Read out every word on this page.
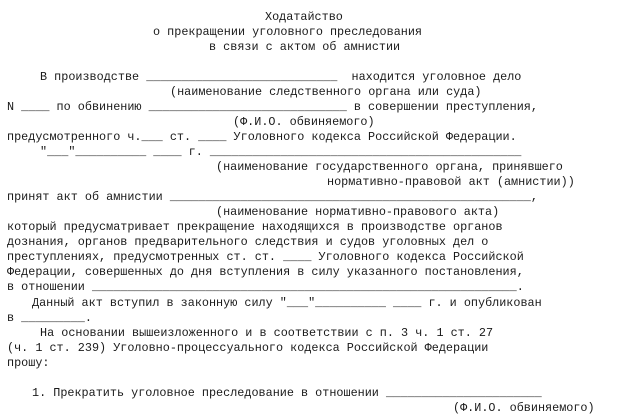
Ходатайство
о прекращении уголовного преследования
в связи с актом об амнистии
В производстве ___________________________  находится уголовное дело
(наименование следственного органа или суда)
N ____ по обвинению ____________________________ в совершении преступления,
(Ф.И.О. обвиняемого)
предусмотренного ч.___ ст. ____ Уголовного кодекса Российской Федерации.
"___"__________ ____ г. ____________________________________________
(наименование государственного органа, принявшего
нормативно-правовой акт (амнистии))
принят акт об амнистии ___________________________________________________,
(наименование нормативно-правового акта)
который предусматривает прекращение находящихся в производстве органов
дознания, органов предварительного следствия и судов уголовных дел о
преступлениях, предусмотренных ст. ст. ____ Уголовного кодекса Российской
Федерации, совершенных до дня вступления в силу указанного постановления,
в отношении ____________________________________________________________.
Данный акт вступил в законную силу "___"__________ ____ г. и опубликован
в _________.
На основании вышеизложенного и в соответствии с п. 3 ч. 1 ст. 27
(ч. 1 ст. 239) Уголовно-процессуального кодекса Российской Федерации
прошу:
1. Прекратить уголовное преследование в отношении ______________________
(Ф.И.О. обвиняемого)
